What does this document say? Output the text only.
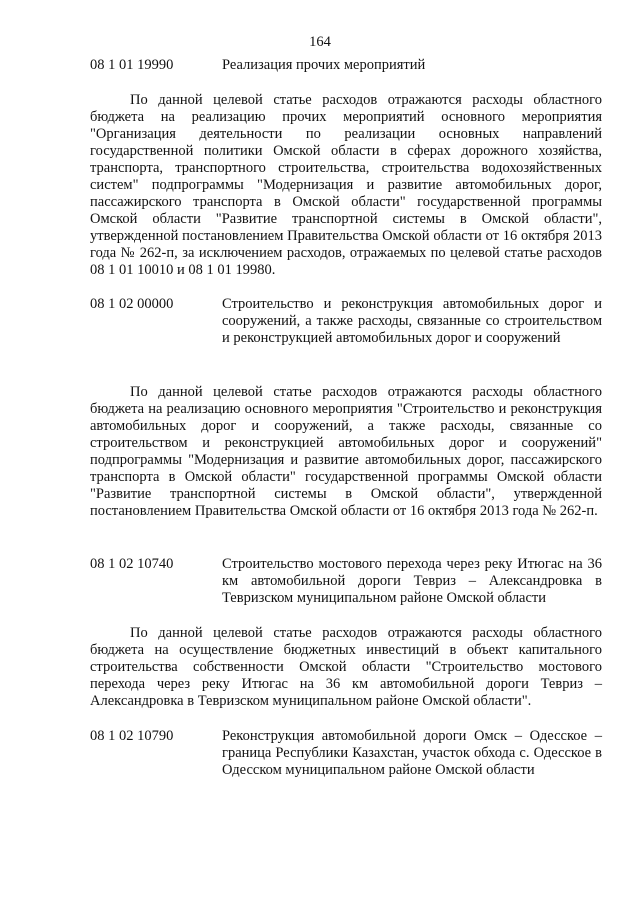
164
08 1 01 19990	Реализация прочих мероприятий
По данной целевой статье расходов отражаются расходы областного бюджета на реализацию прочих мероприятий основного мероприятия "Организация деятельности по реализации основных направлений государственной политики Омской области в сферах дорожного хозяйства, транспорта, транспортного строительства, строительства водохозяйственных систем" подпрограммы "Модернизация и развитие автомобильных дорог, пассажирского транспорта в Омской области" государственной программы Омской области "Развитие транспортной системы в Омской области", утвержденной постановлением Правительства Омской области от 16 октября 2013 года № 262-п, за исключением расходов, отражаемых по целевой статье расходов 08 1 01 10010 и 08 1 01 19980.
08 1 02 00000	Строительство и реконструкция автомобильных дорог и сооружений, а также расходы, связанные со строительством и реконструкцией автомобильных дорог и сооружений
По данной целевой статье расходов отражаются расходы областного бюджета на реализацию основного мероприятия "Строительство и реконструкция автомобильных дорог и сооружений, а также расходы, связанные со строительством и реконструкцией автомобильных дорог и сооружений" подпрограммы "Модернизация и развитие автомобильных дорог, пассажирского транспорта в Омской области" государственной программы Омской области "Развитие транспортной системы в Омской области", утвержденной постановлением Правительства Омской области от 16 октября 2013 года № 262-п.
08 1 02 10740	Строительство мостового перехода через реку Итюгас на 36 км автомобильной дороги Тевриз – Александровка в Тевризском муниципальном районе Омской области
По данной целевой статье расходов отражаются расходы областного бюджета на осуществление бюджетных инвестиций в объект капитального строительства собственности Омской области "Строительство мостового перехода через реку Итюгас на 36 км автомобильной дороги Тевриз – Александровка в Тевризском муниципальном районе Омской области".
08 1 02 10790	Реконструкция автомобильной дороги Омск – Одесское – граница Республики Казахстан, участок обхода с. Одесское в Одесском муниципальном районе Омской области
